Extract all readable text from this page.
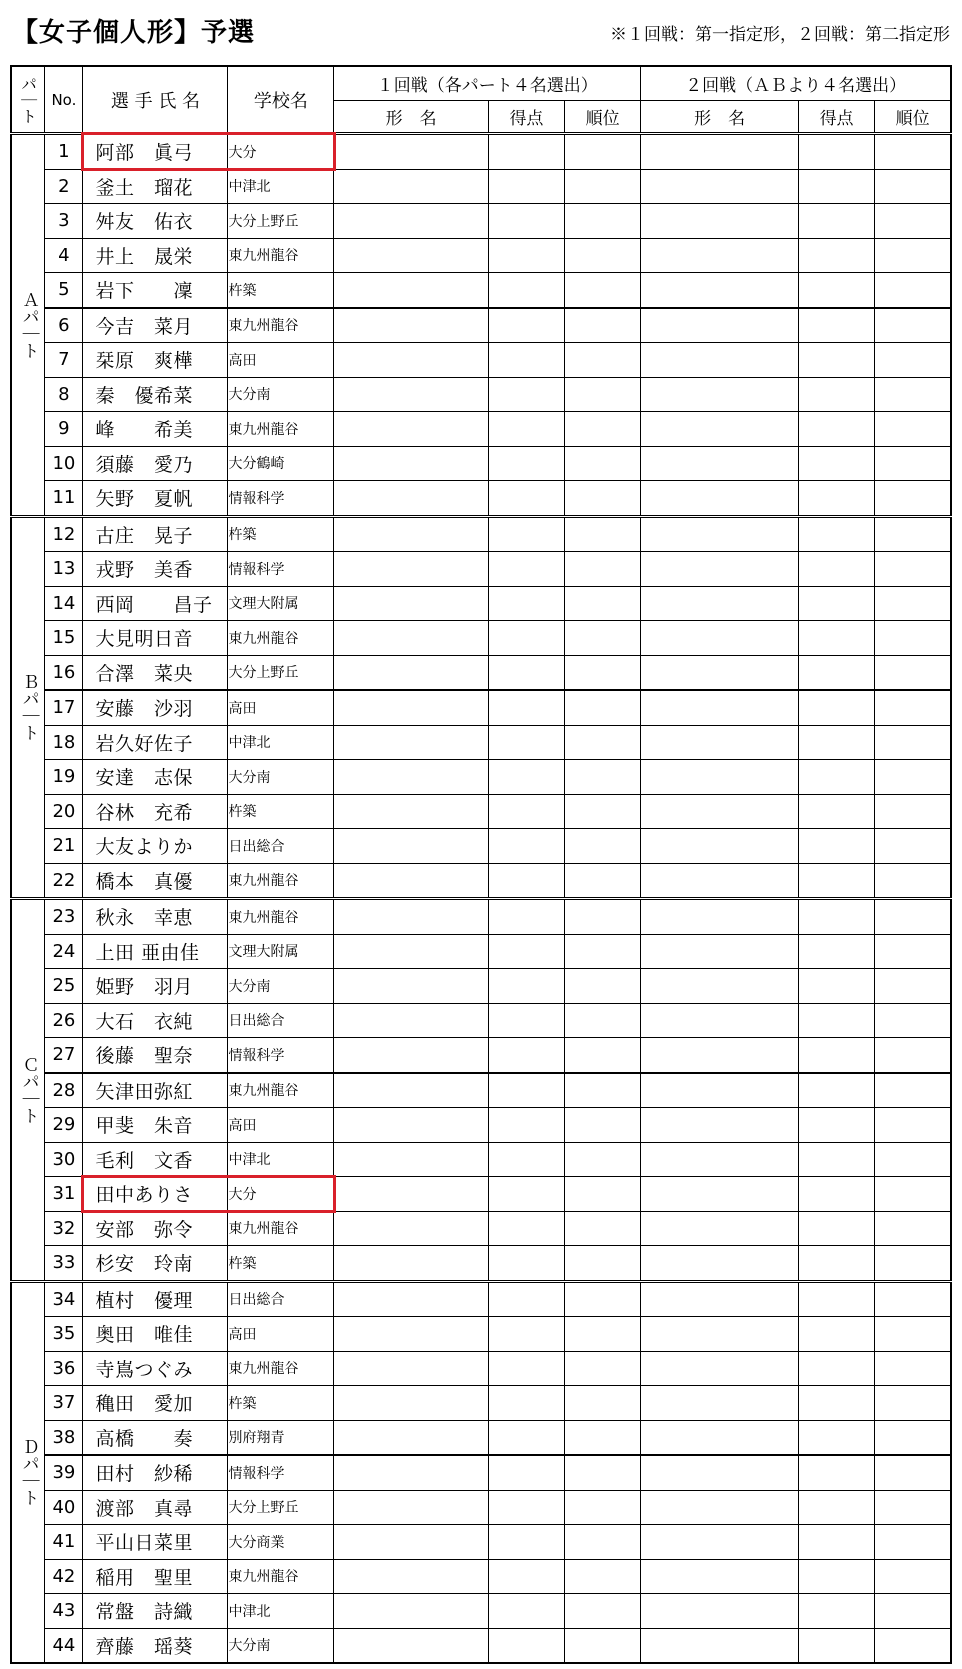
【女子個人形】予選	※１回戦：第一指定形，２回戦：第二指定形
パ｜ト	No.	選 手 氏 名	学校名	１回戦（各パート４名選出）			２回戦（ＡＢより４名選出）		
				形　名	得点	順位	形　名	得点	順位

Ａパ｜ト	1	阿部　眞弓	大分						
	2	釜土　瑠花	中津北						
	3	舛友　佑衣	大分上野丘						
	4	井上　晟栄	東九州龍谷						
	5	岩下　　凜	杵築						
	6	今吉　菜月	東九州龍谷						
	7	栞原　爽樺	高田						
	8	秦　優希菜	大分南						
	9	峰　　希美	東九州龍谷						
	10	須藤　愛乃	大分鶴崎						
	11	矢野　夏帆	情報科学						

Ｂパ｜ト	12	古庄　晃子	杵築						
	13	戎野　美香	情報科学						
	14	西岡　　昌子	文理大附属						
	15	大見明日音	東九州龍谷						
	16	合澤　菜央	大分上野丘						
	17	安藤　沙羽	高田						
	18	岩久好佐子	中津北						
	19	安達　志保	大分南						
	20	谷林　充希	杵築						
	21	大友よりか	日出総合						
	22	橋本　真優	東九州龍谷						

Ｃパ｜ト	23	秋永　幸恵	東九州龍谷						
	24	上田 亜由佳	文理大附属						
	25	姫野　羽月	大分南						
	26	大石　衣純	日出総合						
	27	後藤　聖奈	情報科学						
	28	矢津田弥紅	東九州龍谷						
	29	甲斐　朱音	高田						
	30	毛利　文香	中津北						
	31	田中ありさ	大分						
	32	安部　弥令	東九州龍谷						
	33	杉安　玲南	杵築						

Ｄパ｜ト	34	植村　優理	日出総合						
	35	奥田　唯佳	高田						
	36	寺嶌つぐみ	東九州龍谷						
	37	穐田　愛加	杵築						
	38	高橋　　奏	別府翔青						
	39	田村　紗稀	情報科学						
	40	渡部　真尋	大分上野丘						
	41	平山日菜里	大分商業						
	42	稲用　聖里	東九州龍谷						
	43	常盤　詩織	中津北						
	44	齊藤　瑶葵	大分南						
